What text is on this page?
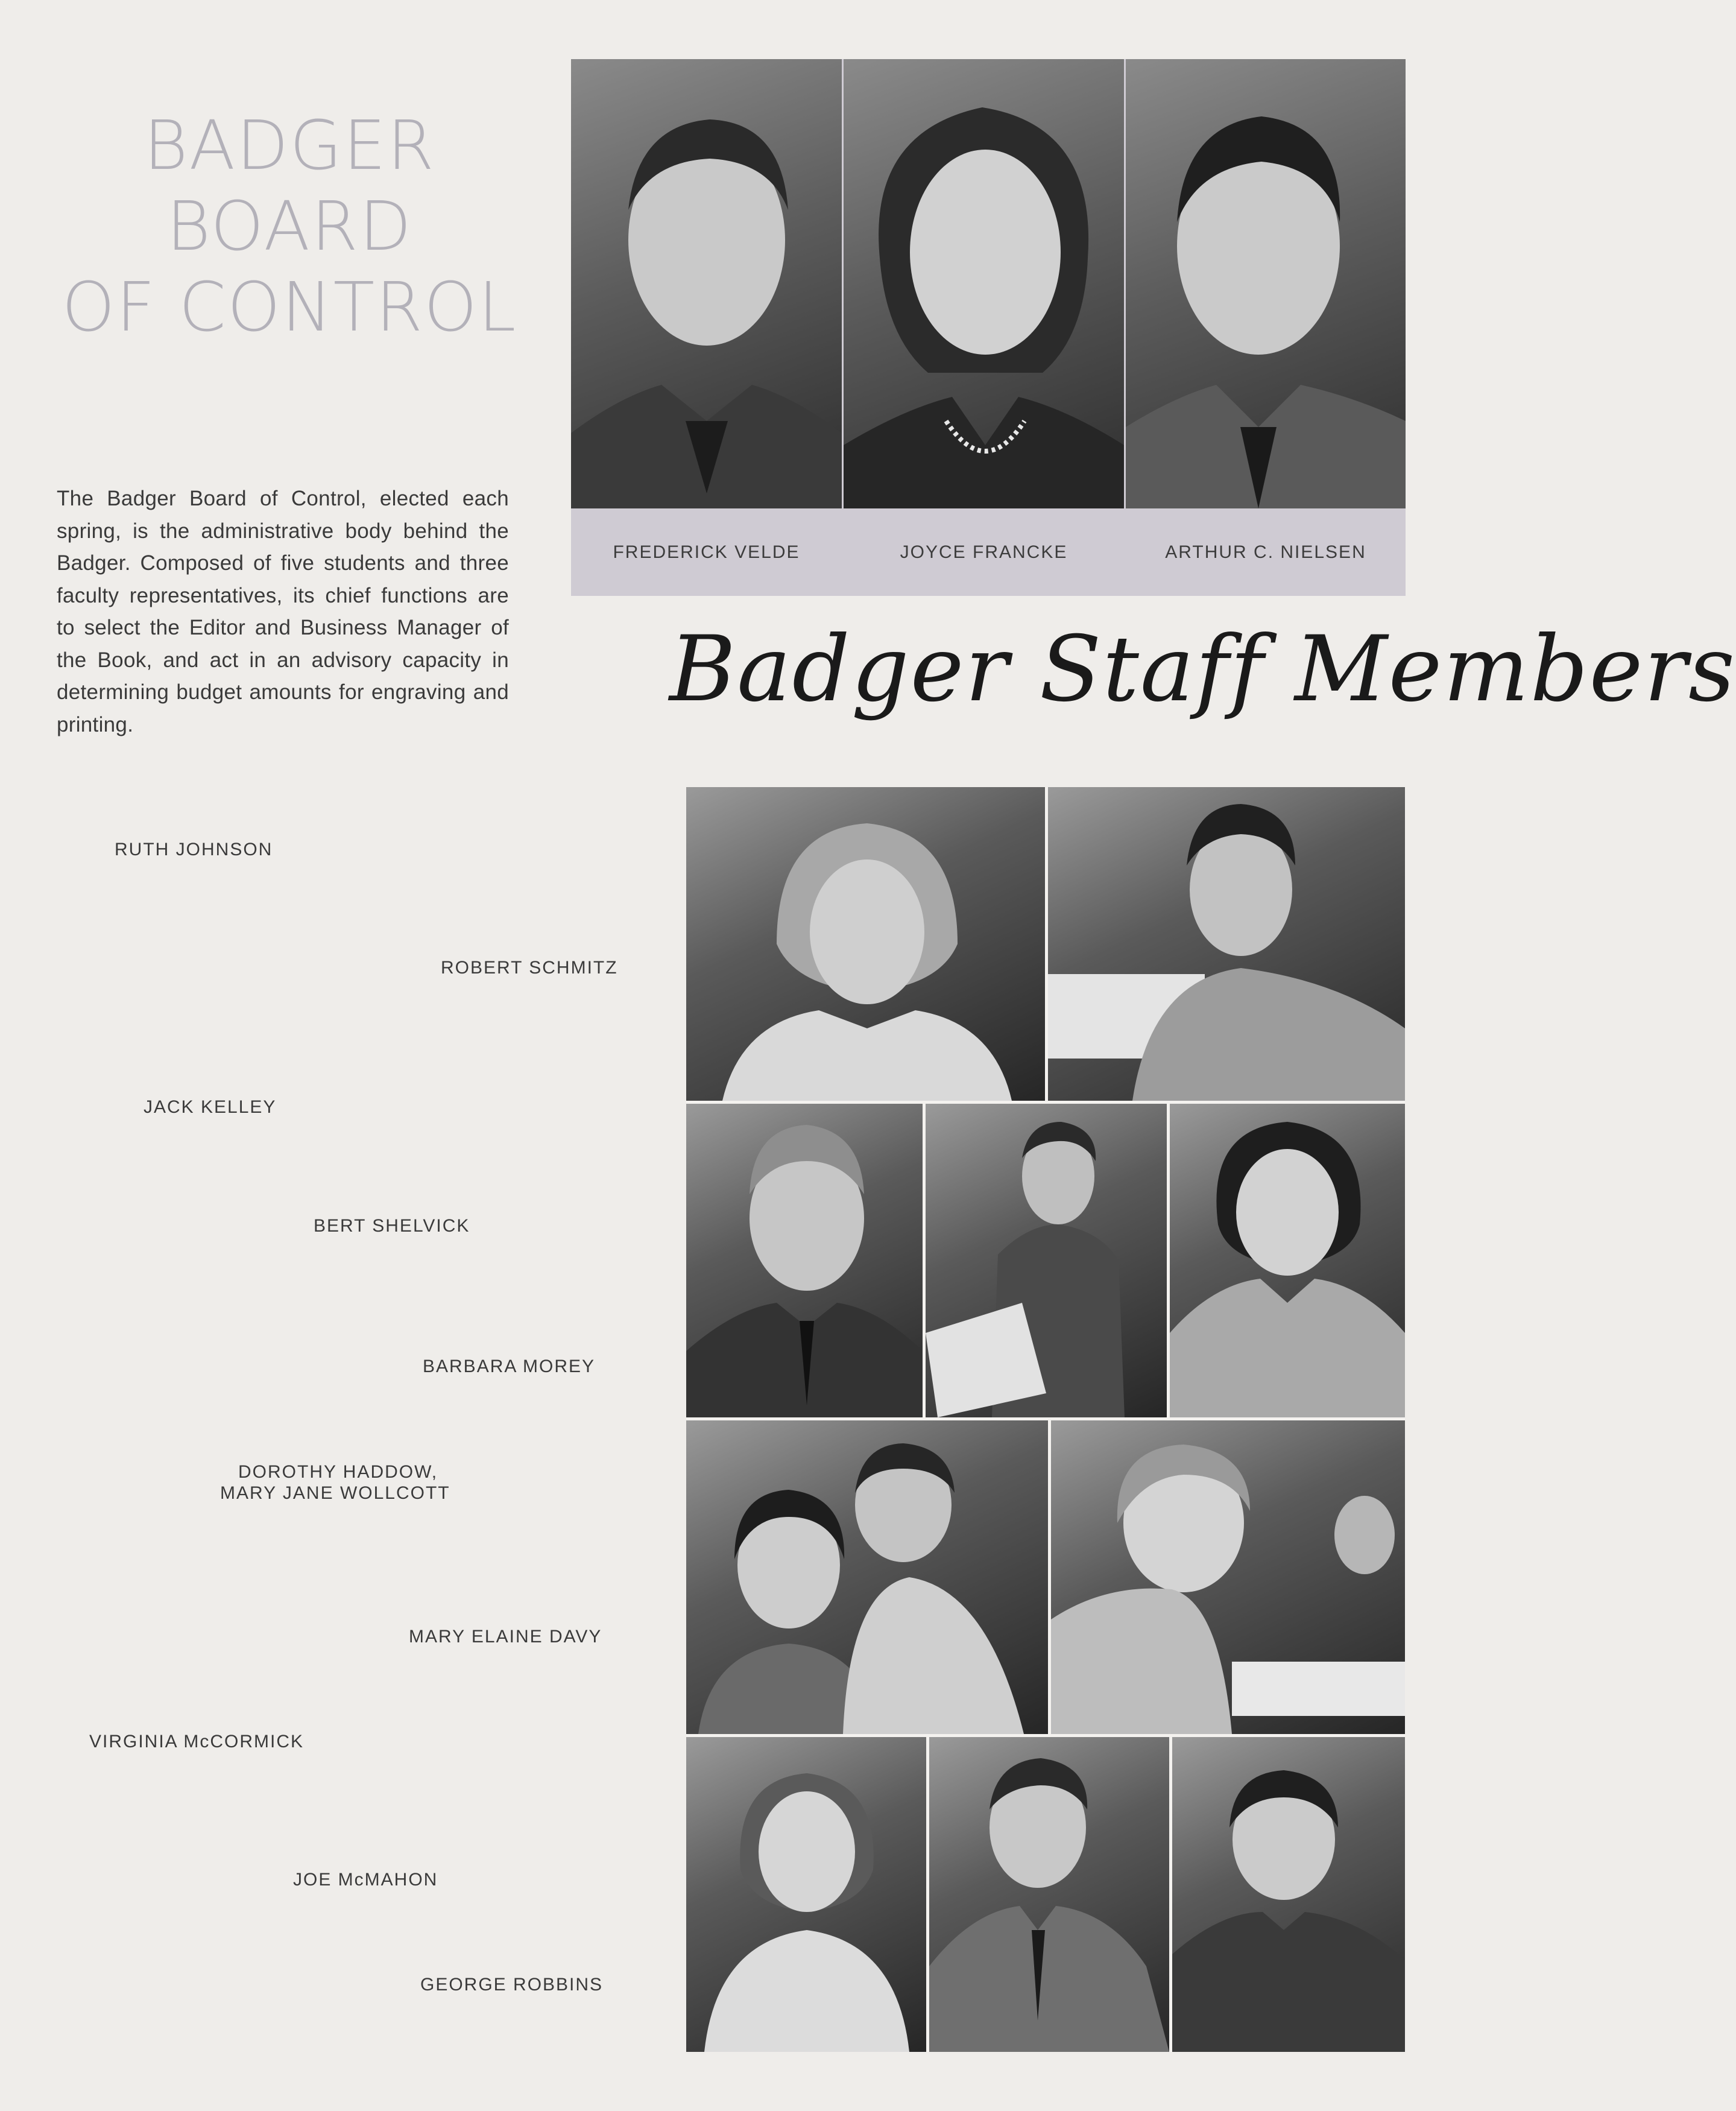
BADGER
BOARD
OF CONTROL
The Badger Board of Control, elected each spring, is the administrative body behind the Badger. Composed of five students and three faculty representatives, its chief functions are to select the Editor and Business Manager of the Book, and act in an advisory capacity in determining budget amounts for engraving and printing.
FREDERICK VELDE	JOYCE FRANCKE	ARTHUR C. NIELSEN
Badger Staff Members
RUTH JOHNSON
ROBERT SCHMITZ
JACK KELLEY
BERT SHELVICK
BARBARA MOREY
DOROTHY HADDOW,
MARY JANE WOLLCOTT
MARY ELAINE DAVY
VIRGINIA McCORMICK
JOE McMAHON
GEORGE ROBBINS
